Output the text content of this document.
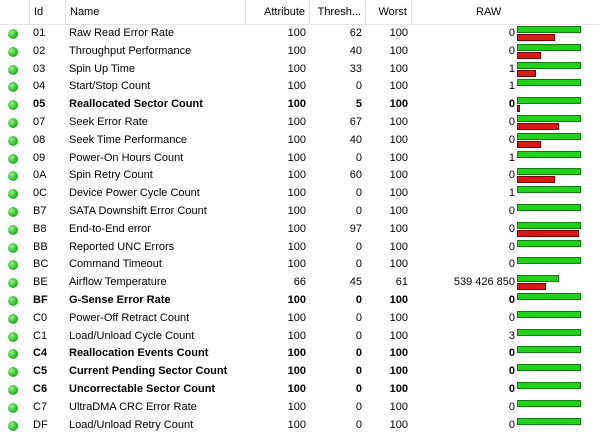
Id	Name	Attribute	Thresh...	Worst	RAW
01	Raw Read Error Rate	100	62	100	0
02	Throughput Performance	100	40	100	0
03	Spin Up Time	100	33	100	1
04	Start/Stop Count	100	0	100	1
05	Reallocated Sector Count	100	5	100	0
07	Seek Error Rate	100	67	100	0
08	Seek Time Performance	100	40	100	0
09	Power-On Hours Count	100	0	100	1
0A	Spin Retry Count	100	60	100	0
0C	Device Power Cycle Count	100	0	100	1
B7	SATA Downshift Error Count	100	0	100	0
B8	End-to-End error	100	97	100	0
BB	Reported UNC Errors	100	0	100	0
BC	Command Timeout	100	0	100	0
BE	Airflow Temperature	66	45	61	539 426 850
BF	G-Sense Error Rate	100	0	100	0
C0	Power-Off Retract Count	100	0	100	0
C1	Load/Unload Cycle Count	100	0	100	3
C4	Reallocation Events Count	100	0	100	0
C5	Current Pending Sector Count	100	0	100	0
C6	Uncorrectable Sector Count	100	0	100	0
C7	UltraDMA CRC Error Rate	100	0	100	0
DF	Load/Unload Retry Count	100	0	100	0
